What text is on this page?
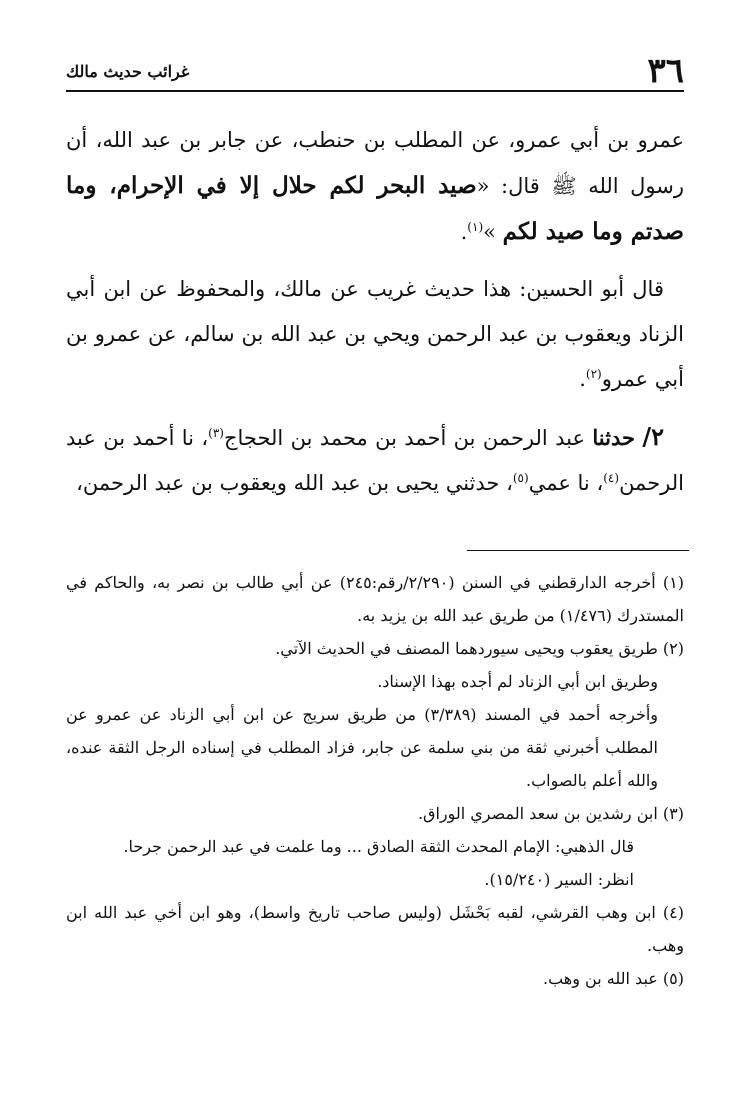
٣٦
غرائب حديث مالك

عمرو بن أبي عمرو، عن المطلب بن حنطب، عن جابر بن عبد الله، أن رسول الله ﷺ قال: «صيد البحر لكم حلال إلا في الإحرام، وما صدتم وما صيد لكم »$^{(١)}$.

قال أبو الحسين: هذا حديث غريب عن مالك، والمحفوظ عن ابن أبي الزناد ويعقوب بن عبد الرحمن ويحي بن عبد الله بن سالم، عن عمرو بن أبي عمرو$^{(٢)}$.

٢/ حدثنا عبد الرحمن بن أحمد بن محمد بن الحجاج$^{(٣)}$، نا أحمد بن عبد الرحمن$^{(٤)}$، نا عمي$^{(٥)}$، حدثني يحيى بن عبد الله ويعقوب بن عبد الرحمن،

(١) أخرجه الدارقطني في السنن (٢/٢٩٠/رقم:٢٤٥) عن أبي طالب بن نصر به، والحاكم في المستدرك (١/٤٧٦) من طريق عبد الله بن يزيد به.

(٢) طريق يعقوب ويحيى سيوردهما المصنف في الحديث الآتي.

وطريق ابن أبي الزناد لم أجده بهذا الإسناد.

وأخرجه أحمد في المسند (٣/٣٨٩) من طريق سريج عن ابن أبي الزناد عن عمرو عن المطلب أخبرني ثقة من بني سلمة عن جابر، فزاد المطلب في إسناده الرجل الثقة عنده، والله أعلم بالصواب.

(٣) ابن رشدين بن سعد المصري الوراق.

قال الذهبي: الإمام المحدث الثقة الصادق ... وما علمت في عبد الرحمن جرحا.

انظر: السير (١٥/٢٤٠).

(٤) ابن وهب القرشي، لقبه بَحْشَل (وليس صاحب تاريخ واسط)، وهو ابن أخي عبد الله ابن وهب.

(٥) عبد الله بن وهب.
